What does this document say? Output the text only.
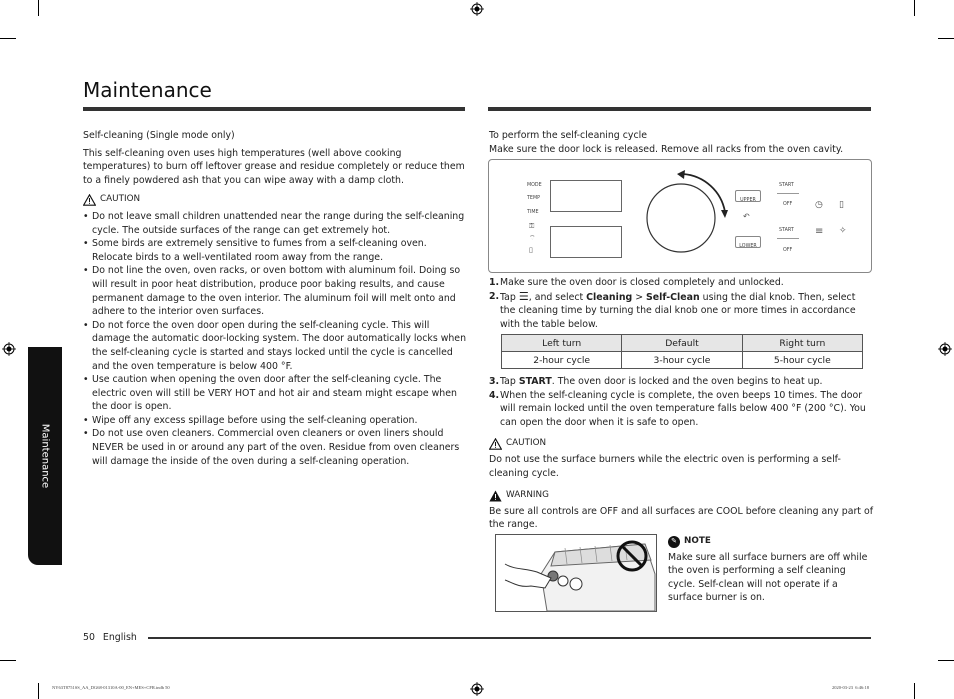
Maintenance
Maintenance
Self-cleaning (Single mode only)
This self-cleaning oven uses high temperatures (well above cooking temperatures) to burn off leftover grease and residue completely or reduce them to a finely powdered ash that you can wipe away with a damp cloth.
CAUTION
• Do not leave small children unattended near the range during the self-cleaning cycle. The outside surfaces of the range can get extremely hot.
• Some birds are extremely sensitive to fumes from a self-cleaning oven. Relocate birds to a well-ventilated room away from the range.
• Do not line the oven, oven racks, or oven bottom with aluminum foil. Doing so will result in poor heat distribution, produce poor baking results, and cause permanent damage to the oven interior. The aluminum foil will melt onto and adhere to the interior oven surfaces.
• Do not force the oven door open during the self-cleaning cycle. This will damage the automatic door-locking system. The door automatically locks when the self-cleaning cycle is started and stays locked until the cycle is cancelled and the oven temperature is below 400 °F.
• Use caution when opening the oven door after the self-cleaning cycle. The electric oven will still be VERY HOT and hot air and steam might escape when the door is open.
• Wipe off any excess spillage before using the self-cleaning operation.
• Do not use oven cleaners. Commercial oven cleaners or oven liners should NEVER be used in or around any part of the oven. Residue from oven cleaners will damage the inside of the oven during a self-cleaning operation.
To perform the self-cleaning cycle
Make sure the door lock is released. Remove all racks from the oven cavity.
MODE
TEMP
TIME
⚿
⌔
▯
UPPER
↶
LOWER
START
OFF
START
OFF
◷ ▯
≡ ✧
1. Make sure the oven door is closed completely and unlocked.
2. Tap ☰, and select Cleaning > Self-Clean using the dial knob. Then, select the cleaning time by turning the dial knob one or more times in accordance with the table below.
Left turn	Default	Right turn
2-hour cycle	3-hour cycle	5-hour cycle
3. Tap START. The oven door is locked and the oven begins to heat up.
4. When the self-cleaning cycle is complete, the oven beeps 10 times. The door will remain locked until the oven temperature falls below 400 °F (200 °C). You can open the door when it is safe to open.
CAUTION
Do not use the surface burners while the electric oven is performing a self-cleaning cycle.
WARNING
Be sure all controls are OFF and all surfaces are COOL before cleaning any part of the range.
✎ NOTE
Make sure all surface burners are off while the oven is performing a self cleaning cycle. Self-clean will not operate if a surface burner is on.
50 English
NY63T8751SS_AA_DG68-01310A-00_EN+MES+CFR.indb 50	2020-03-23 ︎ 6:46:18
